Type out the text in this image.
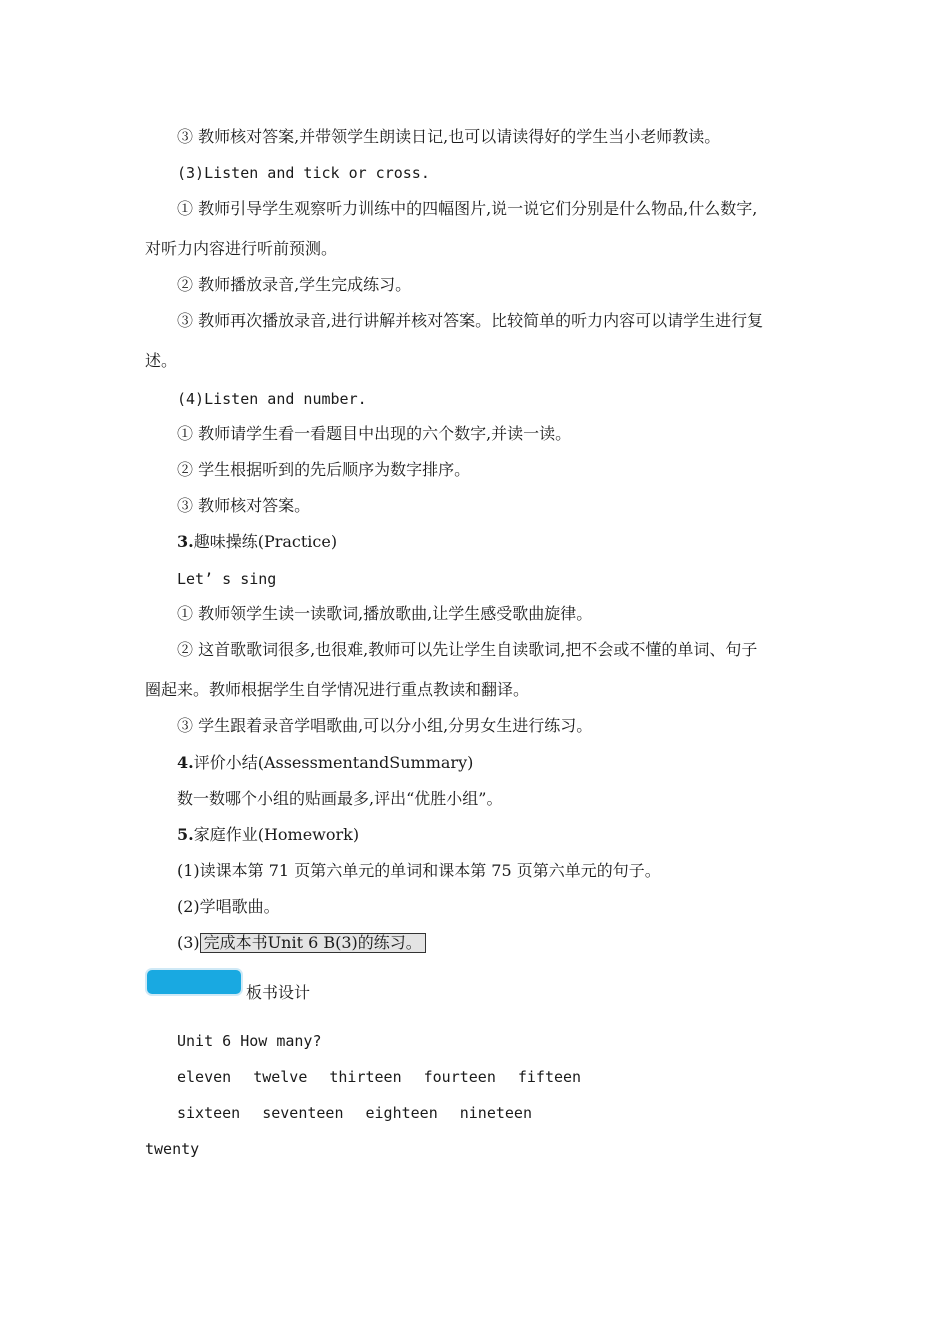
③ 教师核对答案,并带领学生朗读日记,也可以请读得好的学生当小老师教读。
(3)Listen and tick or cross.
① 教师引导学生观察听力训练中的四幅图片,说一说它们分别是什么物品,什么数字,
对听力内容进行听前预测。
② 教师播放录音,学生完成练习。
③ 教师再次播放录音,进行讲解并核对答案。比较简单的听力内容可以请学生进行复
述。
(4)Listen and number.
① 教师请学生看一看题目中出现的六个数字,并读一读。
② 学生根据听到的先后顺序为数字排序。
③ 教师核对答案。
3.趣味操练(Practice)
Let’ s sing
① 教师领学生读一读歌词,播放歌曲,让学生感受歌曲旋律。
② 这首歌歌词很多,也很难,教师可以先让学生自读歌词,把不会或不懂的单词、句子
圈起来。教师根据学生自学情况进行重点教读和翻译。
③ 学生跟着录音学唱歌曲,可以分小组,分男女生进行练习。
4.评价小结(AssessmentandSummary)
数一数哪个小组的贴画最多,评出“优胜小组”。
5.家庭作业(Homework)
(1)读课本第 71 页第六单元的单词和课本第 75 页第六单元的句子。
(2)学唱歌曲。
(3) 完成本书Unit 6 B(3)的练习。
板书设计
Unit 6 How many?
eleven twelve thirteen fourteen fifteen
sixteen seventeen eighteen nineteen
twenty
